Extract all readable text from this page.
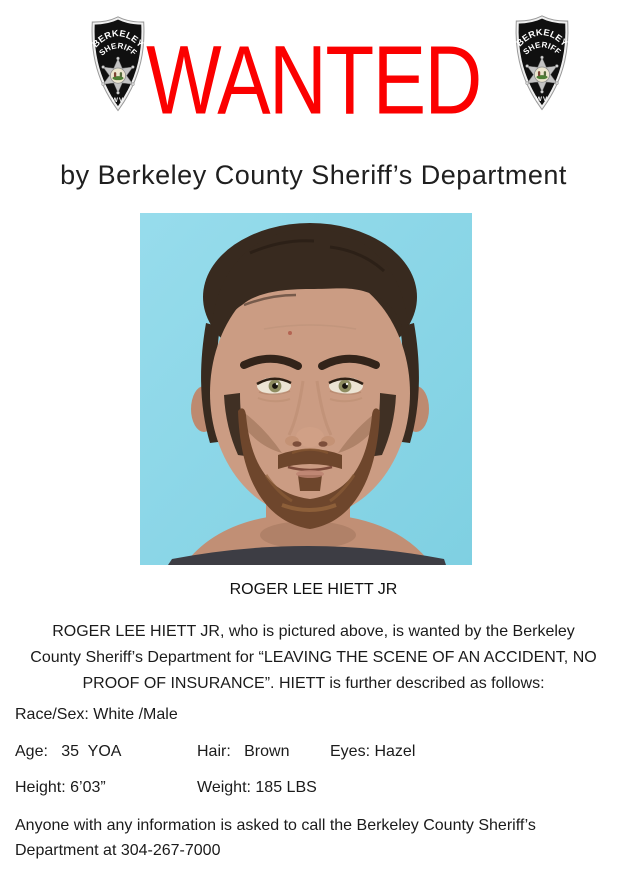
BERKELEY
SHERIFF
WV WANTED	BERKELEY
SHERIFF
WV
by Berkeley County Sheriff’s Department
ROGER LEE HIETT JR
ROGER LEE HIETT JR, who is pictured above, is wanted by the Berkeley
County Sheriff’s Department for “LEAVING THE SCENE OF AN ACCIDENT, NO
PROOF OF INSURANCE”. HIETT is further described as follows:
Race/Sex: White /Male
Age:   35  YOA	Hair:   Brown	Eyes: Hazel
Height: 6’03”	Weight: 185 LBS
Anyone with any information is asked to call the Berkeley County Sheriff’s
Department at 304-267-7000
